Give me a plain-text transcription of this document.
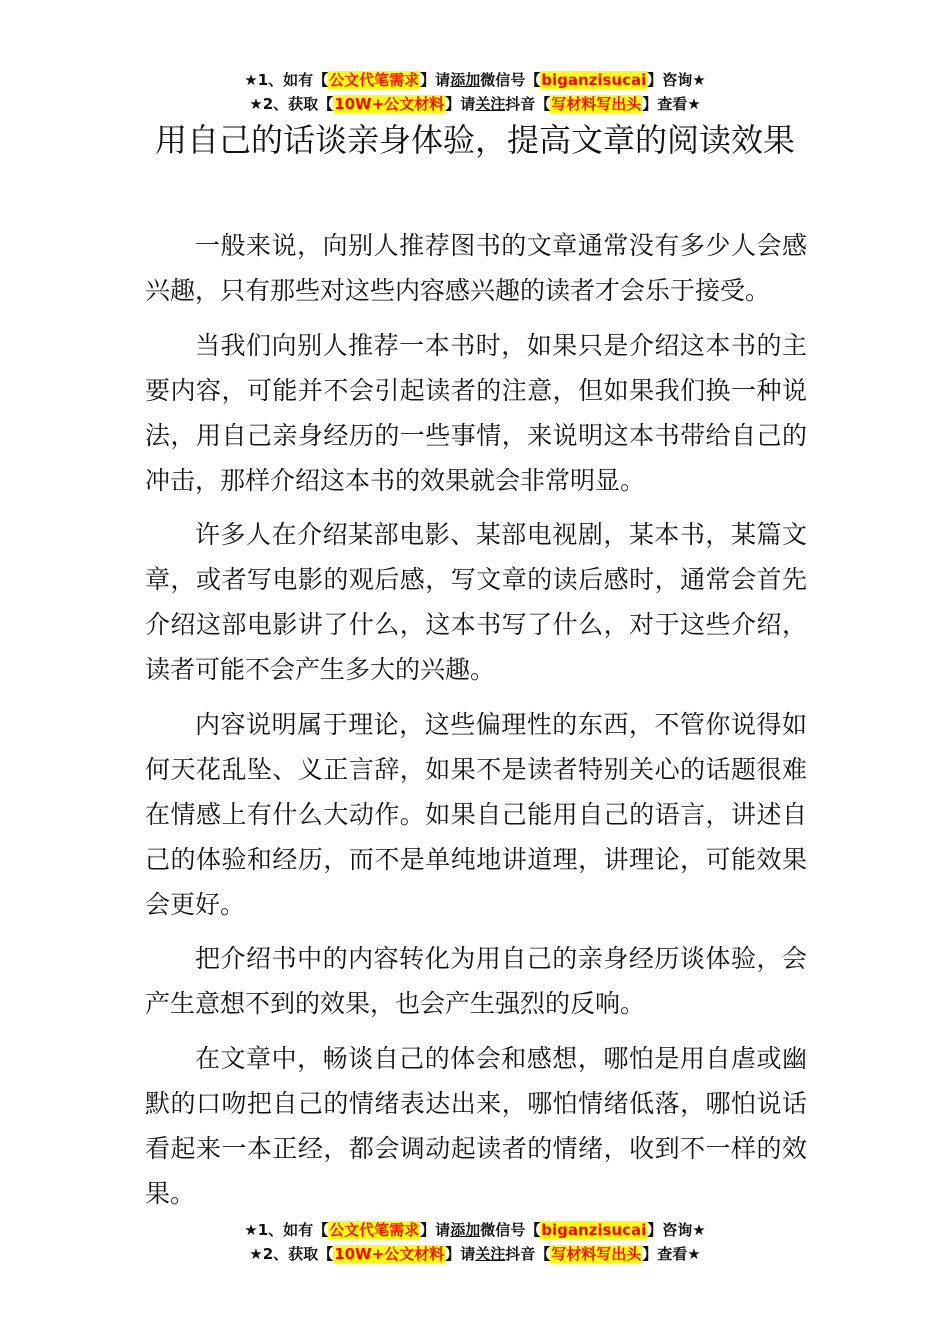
★1、如有【公文代笔需求】请添加微信号【biganzisucai】咨询★
★2、获取【10W+公文材料】请关注抖音【写材料写出头】查看★
用自己的话谈亲身体验，提高文章的阅读效果

一般来说，向别人推荐图书的文章通常没有多少人会感兴趣，只有那些对这些内容感兴趣的读者才会乐于接受。

当我们向别人推荐一本书时，如果只是介绍这本书的主要内容，可能并不会引起读者的注意，但如果我们换一种说法，用自己亲身经历的一些事情，来说明这本书带给自己的冲击，那样介绍这本书的效果就会非常明显。

许多人在介绍某部电影、某部电视剧，某本书，某篇文章，或者写电影的观后感，写文章的读后感时，通常会首先介绍这部电影讲了什么，这本书写了什么，对于这些介绍，读者可能不会产生多大的兴趣。

内容说明属于理论，这些偏理性的东西，不管你说得如何天花乱坠、义正言辞，如果不是读者特别关心的话题很难在情感上有什么大动作。如果自己能用自己的语言，讲述自己的体验和经历，而不是单纯地讲道理，讲理论，可能效果会更好。

把介绍书中的内容转化为用自己的亲身经历谈体验，会产生意想不到的效果，也会产生强烈的反响。

在文章中，畅谈自己的体会和感想，哪怕是用自虐或幽默的口吻把自己的情绪表达出来，哪怕情绪低落，哪怕说话看起来一本正经，都会调动起读者的情绪，收到不一样的效果。

★1、如有【公文代笔需求】请添加微信号【biganzisucai】咨询★
★2、获取【10W+公文材料】请关注抖音【写材料写出头】查看★
